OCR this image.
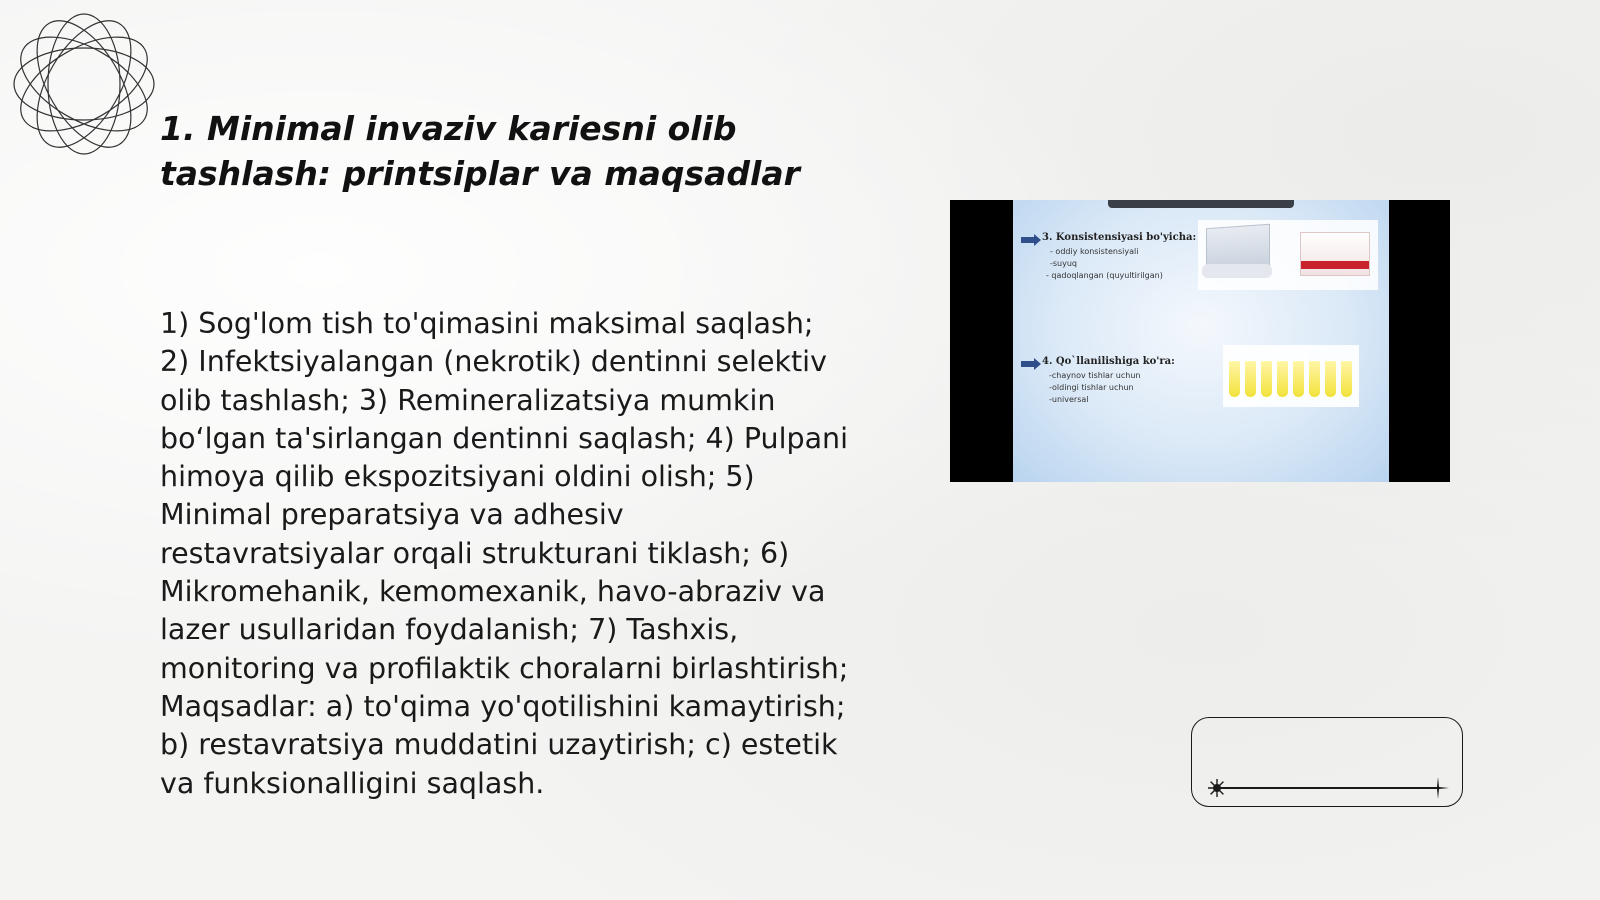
1. Minimal invaziv kariesni olib tashlash: printsiplar va maqsadlar

1) Sog'lom tish to'qimasini maksimal saqlash; 2) Infektsiyalangan (nekrotik) dentinni selektiv olib tashlash; 3) Remineralizatsiya mumkin bo‘lgan ta'sirlangan dentinni saqlash; 4) Pulpani himoya qilib ekspozitsiyani oldini olish; 5) Minimal preparatsiya va adhesiv restavratsiyalar orqali strukturani tiklash; 6) Mikromehanik, kemomexanik, havo-abraziv va lazer usullaridan foydalanish; 7) Tashxis, monitoring va profilaktik choralarni birlashtirish; Maqsadlar: a) to'qima yo'qotilishini kamaytirish; b) restavratsiya muddatini uzaytirish; c) estetik va funksionalligini saqlash.

3. Konsistensiyasi bo'yicha:
- oddiy konsistensiyali
-suyuq
- qadoqlangan (quyultirilgan)
4. Qo`llanilishiga ko'ra:
-chaynov tishlar uchun
-oldingi tishlar uchun
-universal
